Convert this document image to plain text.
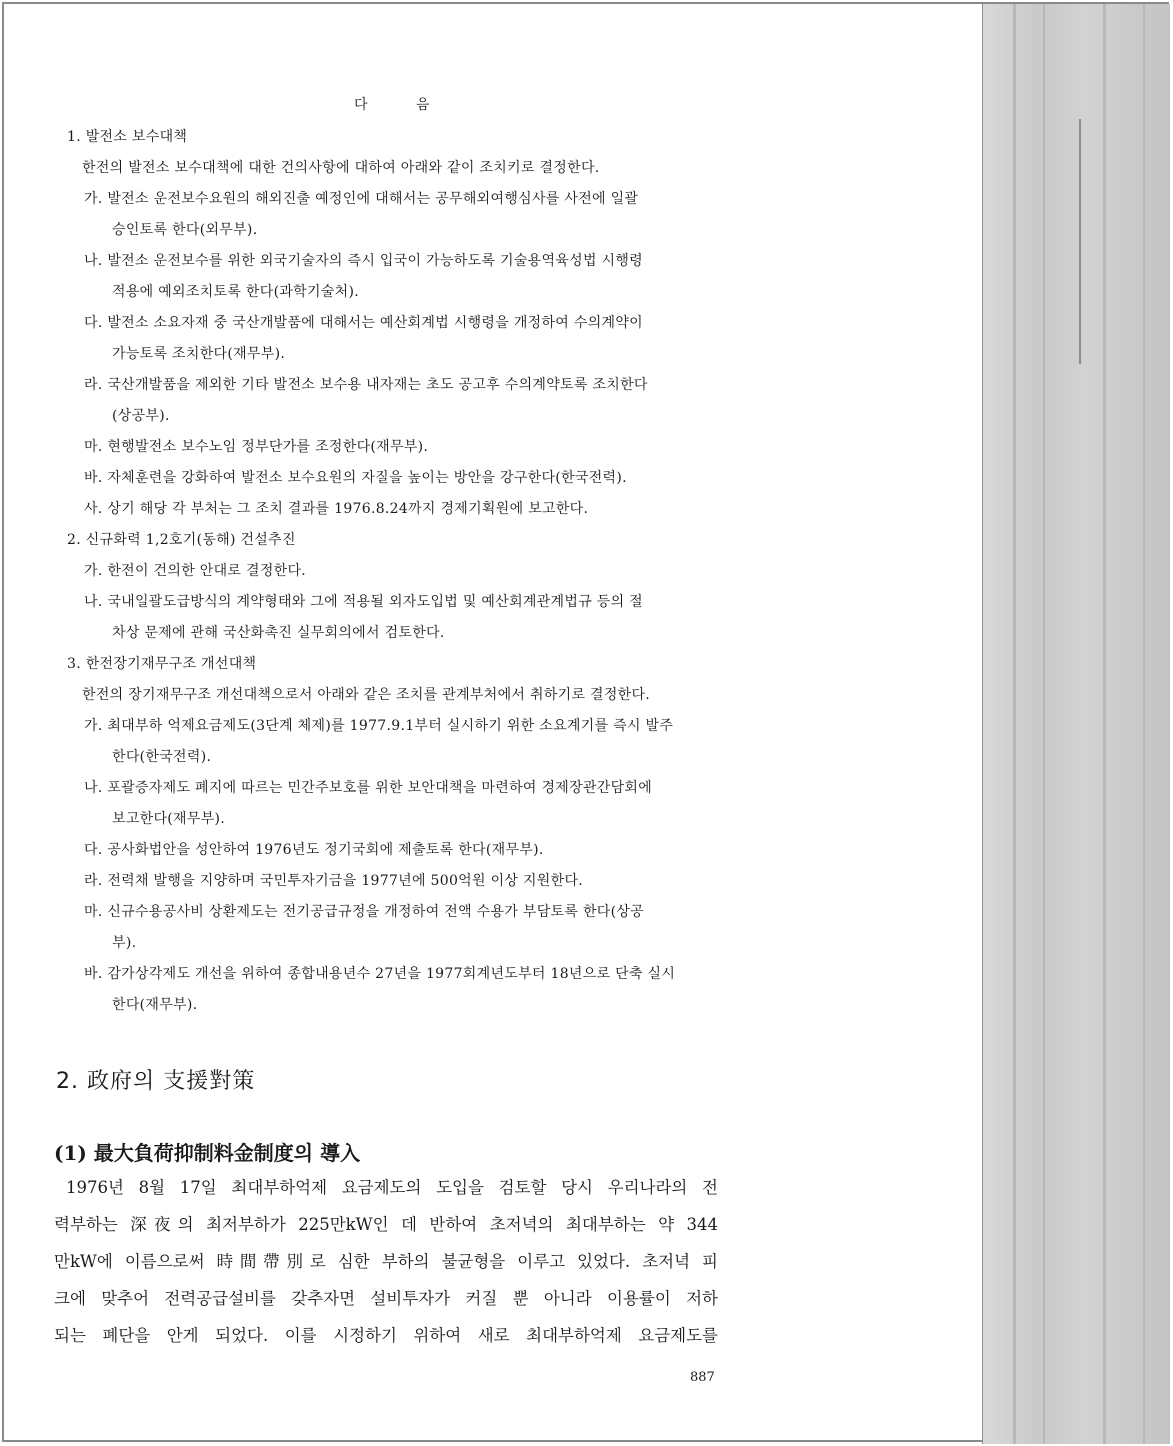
다 음
1. 발전소 보수대책
한전의 발전소 보수대책에 대한 건의사항에 대하여 아래와 같이 조치키로 결정한다.
가. 발전소 운전보수요원의 해외진출 예정인에 대해서는 공무해외여행심사를 사전에 일괄
승인토록 한다(외무부).
나. 발전소 운전보수를 위한 외국기술자의 즉시 입국이 가능하도록 기술용역육성법 시행령
적용에 예외조치토록 한다(과학기술처).
다. 발전소 소요자재 중 국산개발품에 대해서는 예산회계법 시행령을 개정하여 수의계약이
가능토록 조치한다(재무부).
라. 국산개발품을 제외한 기타 발전소 보수용 내자재는 초도 공고후 수의계약토록 조치한다
(상공부).
마. 현행발전소 보수노임 정부단가를 조정한다(재무부).
바. 자체훈련을 강화하여 발전소 보수요원의 자질을 높이는 방안을 강구한다(한국전력).
사. 상기 해당 각 부처는 그 조치 결과를 1976.8.24까지 경제기획원에 보고한다.
2. 신규화력 1,2호기(동해) 건설추진
가. 한전이 건의한 안대로 결정한다.
나. 국내일괄도급방식의 계약형태와 그에 적용될 외자도입법 및 예산회계관계법규 등의 절
차상 문제에 관해 국산화촉진 실무회의에서 검토한다.
3. 한전장기재무구조 개선대책
한전의 장기재무구조 개선대책으로서 아래와 같은 조치를 관계부처에서 취하기로 결정한다.
가. 최대부하 억제요금제도(3단계 체제)를 1977.9.1부터 실시하기 위한 소요계기를 즉시 발주
한다(한국전력).
나. 포괄증자제도 폐지에 따르는 민간주보호를 위한 보안대책을 마련하여 경제장관간담회에
보고한다(재무부).
다. 공사화법안을 성안하여 1976년도 정기국회에 제출토록 한다(재무부).
라. 전력채 발행을 지양하며 국민투자기금을 1977년에 500억원 이상 지원한다.
마. 신규수용공사비 상환제도는 전기공급규정을 개정하여 전액 수용가 부담토록 한다(상공
부).
바. 감가상각제도 개선을 위하여 종합내용년수 27년을 1977회계년도부터 18년으로 단축 실시
한다(재무부).
2. 政府의 支援對策
(1) 最大負荷抑制料金制度의 導入
1976년 8월 17일 최대부하억제 요금제도의 도입을 검토할 당시 우리나라의 전
력부하는 深夜의 최저부하가 225만kW인 데 반하여 초저녁의 최대부하는 약 344
만kW에 이름으로써 時間帶別로 심한 부하의 불균형을 이루고 있었다. 초저녁 피
크에 맞추어 전력공급설비를 갖추자면 설비투자가 커질 뿐 아니라 이용률이 저하
되는 폐단을 안게 되었다. 이를 시정하기 위하여 새로 최대부하억제 요금제도를
887
